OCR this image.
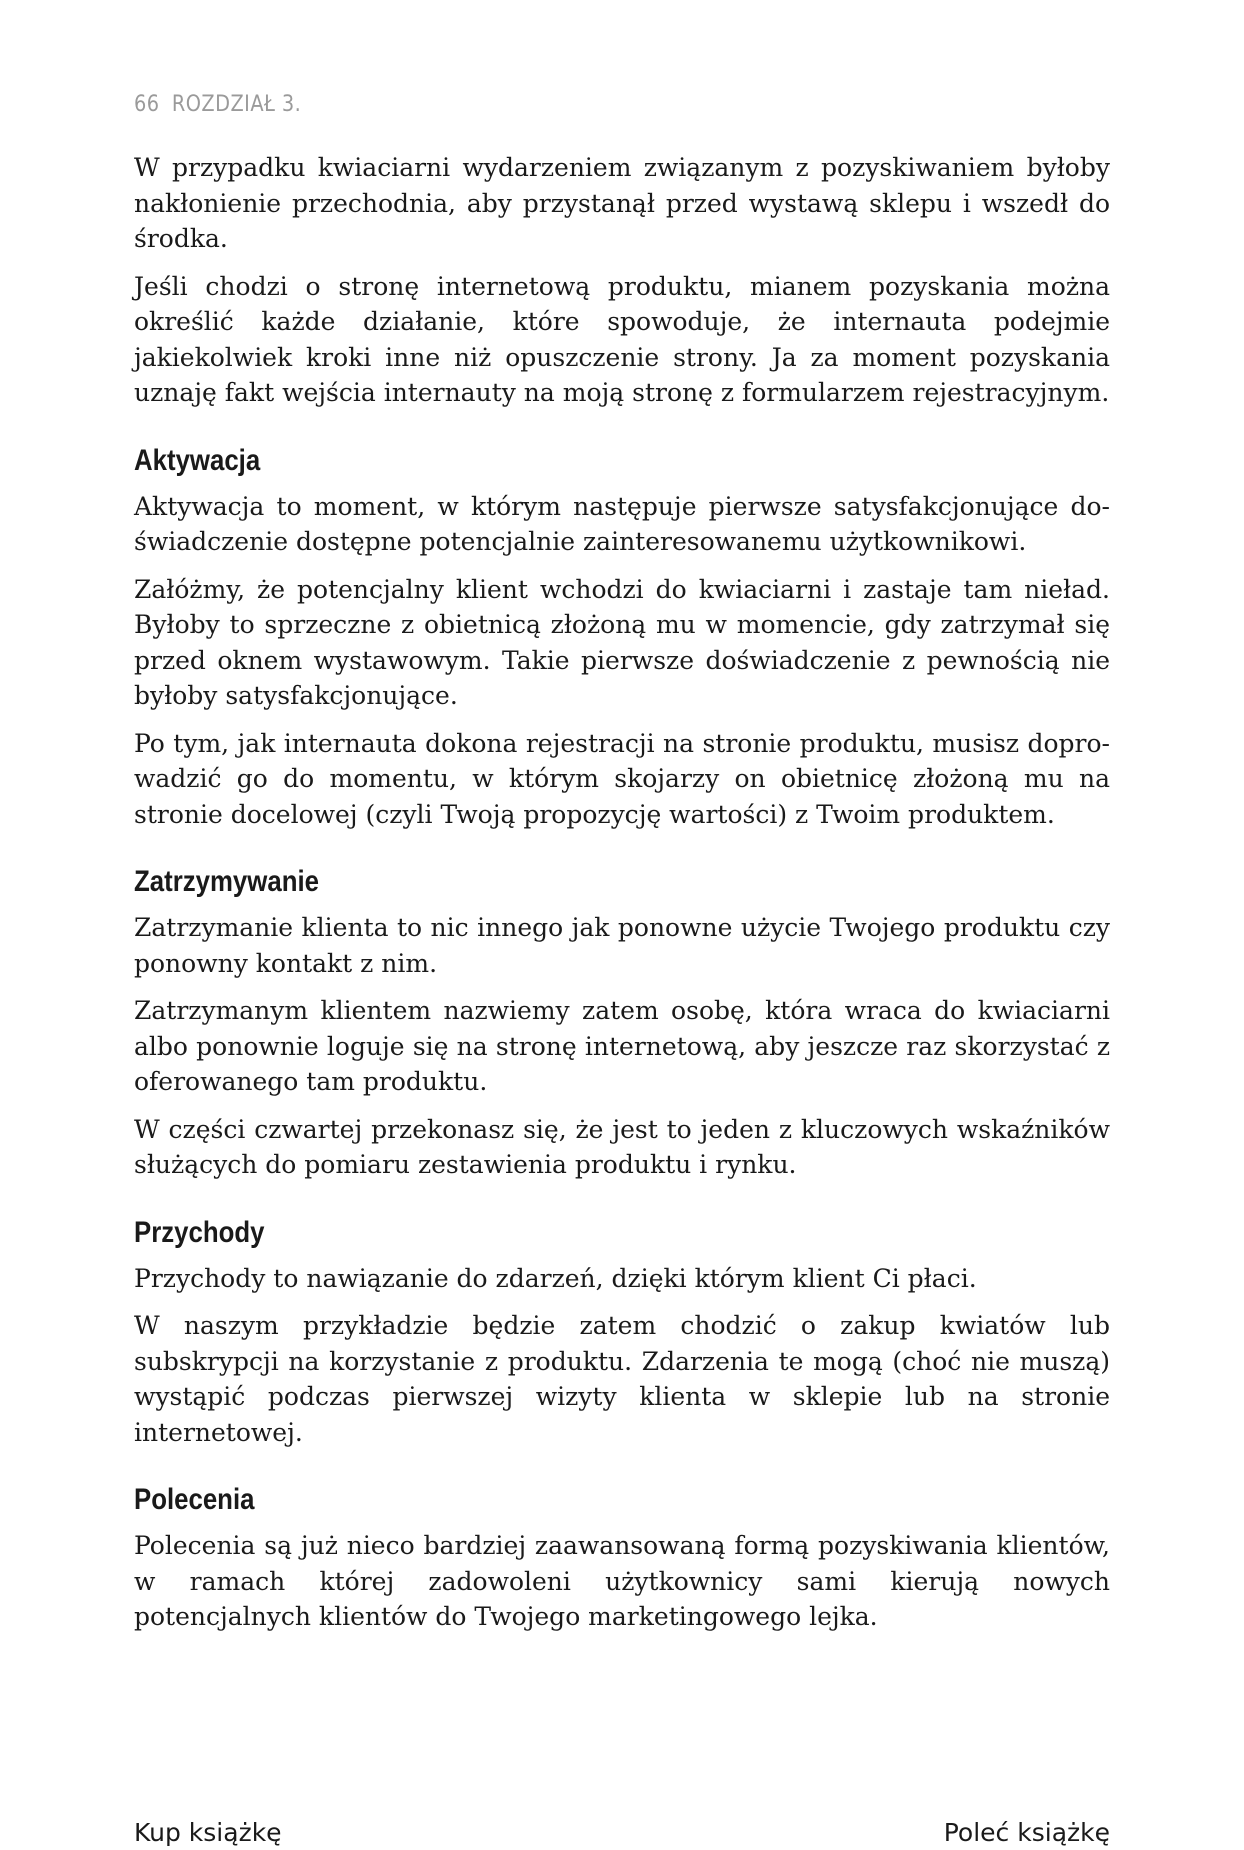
66 ROZDZIAŁ 3.

W przypadku kwiaciarni wydarzeniem związanym z pozyskiwaniem byłoby nakłonienie przechodnia, aby przystanął przed wystawą sklepu i wszedł do środka.

Jeśli chodzi o stronę internetową produktu, mianem pozyskania można określić każde działanie, które spowoduje, że internauta podejmie jakiekolwiek kroki inne niż opuszczenie strony. Ja za moment pozyskania uznaję fakt wejścia internauty na moją stronę z formularzem rejestracyjnym.

Aktywacja

Aktywacja to moment, w którym następuje pierwsze satysfakcjonujące doświadczenie dostępne potencjalnie zainteresowanemu użytkownikowi.

Załóżmy, że potencjalny klient wchodzi do kwiaciarni i zastaje tam nieład. Byłoby to sprzeczne z obietnicą złożoną mu w momencie, gdy zatrzymał się przed oknem wystawowym. Takie pierwsze doświadczenie z pewnością nie byłoby satysfakcjonujące.

Po tym, jak internauta dokona rejestracji na stronie produktu, musisz doprowadzić go do momentu, w którym skojarzy on obietnicę złożoną mu na stronie docelowej (czyli Twoją propozycję wartości) z Twoim produktem.

Zatrzymywanie

Zatrzymanie klienta to nic innego jak ponowne użycie Twojego produktu czy ponowny kontakt z nim.

Zatrzymanym klientem nazwiemy zatem osobę, która wraca do kwiaciarni albo ponownie loguje się na stronę internetową, aby jeszcze raz skorzystać z oferowanego tam produktu.

W części czwartej przekonasz się, że jest to jeden z kluczowych wskaźników służących do pomiaru zestawienia produktu i rynku.

Przychody

Przychody to nawiązanie do zdarzeń, dzięki którym klient Ci płaci.

W naszym przykładzie będzie zatem chodzić o zakup kwiatów lub subskrypcji na korzystanie z produktu. Zdarzenia te mogą (choć nie muszą) wystąpić podczas pierwszej wizyty klienta w sklepie lub na stronie internetowej.

Polecenia

Polecenia są już nieco bardziej zaawansowaną formą pozyskiwania klientów, w ramach której zadowoleni użytkownicy sami kierują nowych potencjalnych klientów do Twojego marketingowego lejka.

Kup książkę	Poleć książkę
